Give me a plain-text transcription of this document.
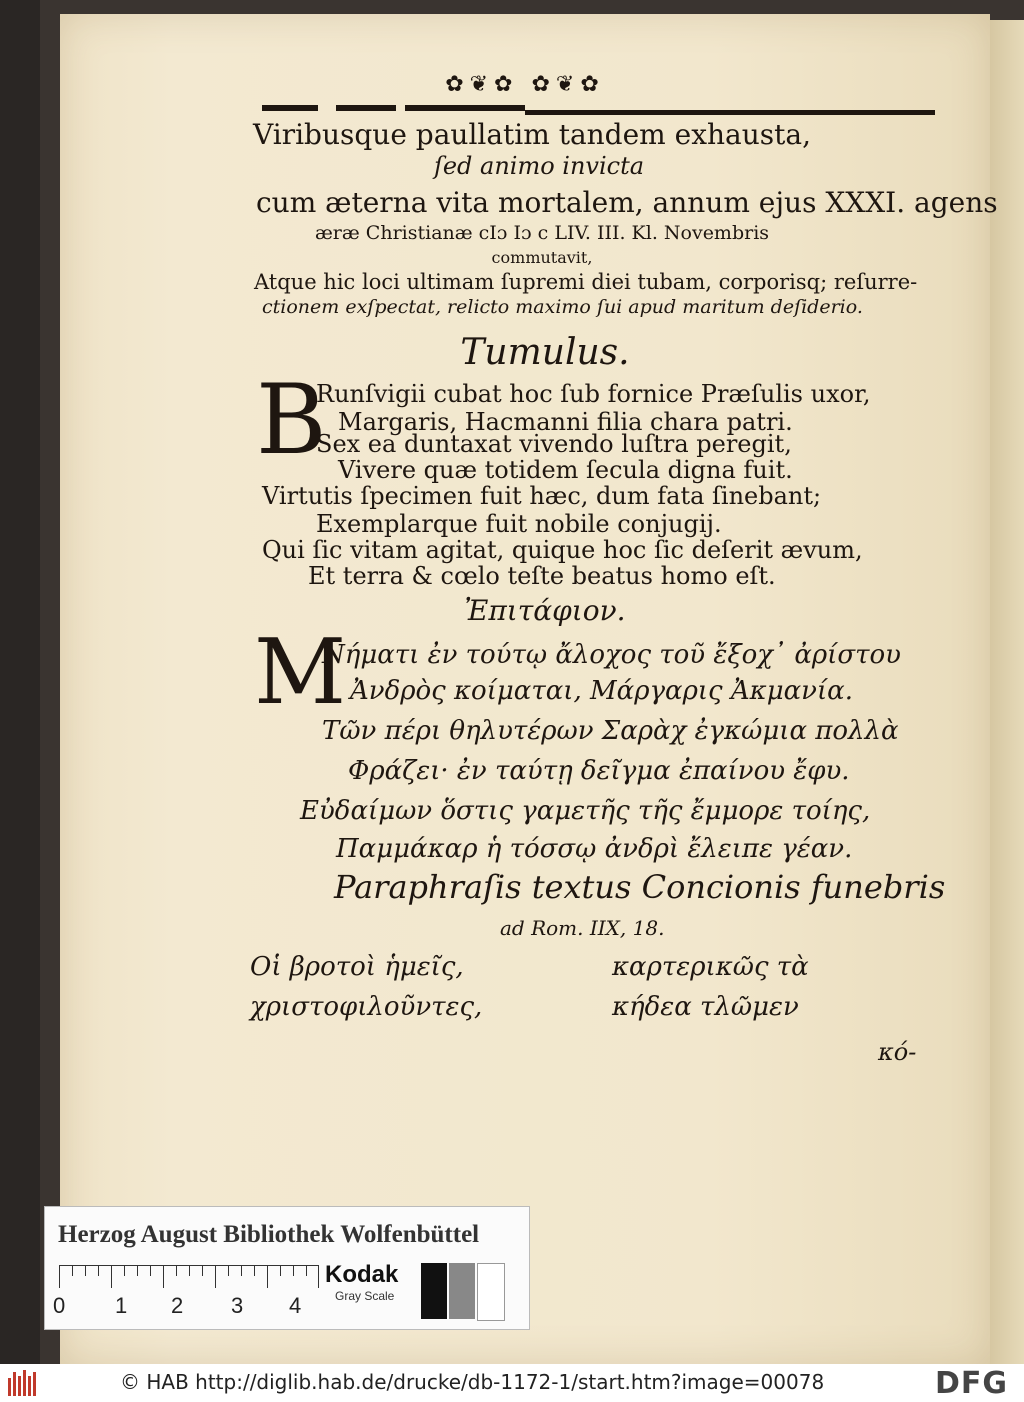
✿❦✿ ✿❦✿
Viribusque paullatim tandem exhausta,
ſed animo invicta
cum æterna vita mortalem, annum ejus XXXI. agens
æræ Christianæ cIɔ Iɔ c LIV. III. Kl. Novembris
commutavit,
Atque hic loci ultimam ſupremi diei tubam, corporisq; reſurre-
ctionem exſpectat, relicto maximo ſui apud maritum deſiderio.
Tumulus.
B
Runſvigii cubat hoc ſub fornice Præſulis uxor,
Margaris, Hacmanni filia chara patri.
Sex ea duntaxat vivendo luſtra peregit,
Vivere quæ totidem ſecula digna fuit.
Virtutis ſpecimen fuit hæc, dum fata ſinebant;
Exemplarque fuit nobile conjugij.
Qui ſic vitam agitat, quique hoc ſic deſerit ævum,
Et terra & cœlo teſte beatus homo eſt.
Ἐπιτάφιον.
M
Νήματι ἐν τούτῳ ἄλοχος τοῦ ἔξοχ᾽ ἀρίστου
Ἀνδρὸς κοίμαται, Μάργαρις Ἀκμανία.
Τῶν πέρι θηλυτέρων Σαρὰχ ἐγκώμια πολλὰ
Φράζει· ἐν ταύτῃ δεῖγμα ἐπαίνου ἔφυ.
Εὐδαίμων ὅστις γαμετῆς τῆς ἔμμορε τοίης,
Παμμάκαρ ἡ τόσσῳ ἀνδρὶ ἔλειπε γέαν.
Paraphraſis textus Concionis funebris
ad Rom. IIX, 18.
Οἱ βροτοὶ ἡμεῖς,	καρτερικῶς τὰ
χριστοφιλοῦντες,	κήδεα τλῶμεν
κό-
Herzog August Bibliothek Wolfenbüttel
0 1 2 3 4
Kodak
Gray Scale
© HAB http://diglib.hab.de/drucke/db-1172-1/start.htm?image=00078	DFG
